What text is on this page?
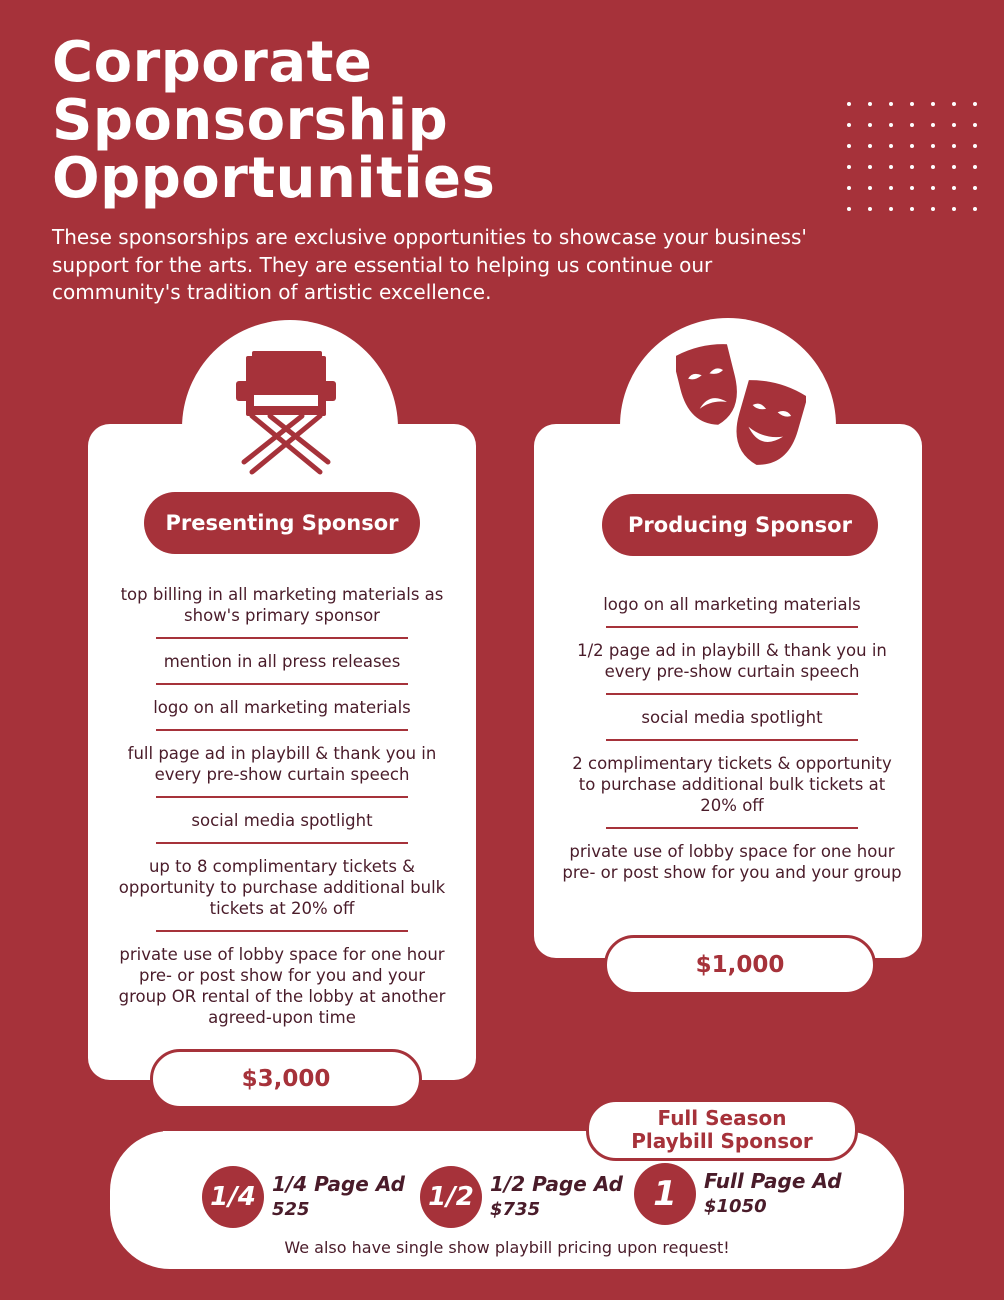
Corporate
Sponsorship
Opportunities

These sponsorships are exclusive opportunities to showcase your business' support for the arts. They are essential to helping us continue our community's tradition of artistic excellence.

Presenting Sponsor
top billing in all marketing materials as show's primary sponsor
mention in all press releases
logo on all marketing materials
full page ad in playbill & thank you in every pre-show curtain speech
social media spotlight
up to 8 complimentary tickets & opportunity to purchase additional bulk tickets at 20% off
private use of lobby space for one hour pre- or post show for you and your group OR rental of the lobby at another agreed-upon time
$3,000
Producing Sponsor
logo on all marketing materials
1/2 page ad in playbill & thank you in every pre-show curtain speech
social media spotlight
2 complimentary tickets & opportunity to purchase additional bulk tickets at 20% off
private use of lobby space for one hour pre- or post show for you and your group
$1,000
Full Season
Playbill Sponsor
1/4 1/4 Page Ad
525	1/2 1/2 Page Ad
$735	1	Full Page Ad
$1050
We also have single show playbill pricing upon request!
